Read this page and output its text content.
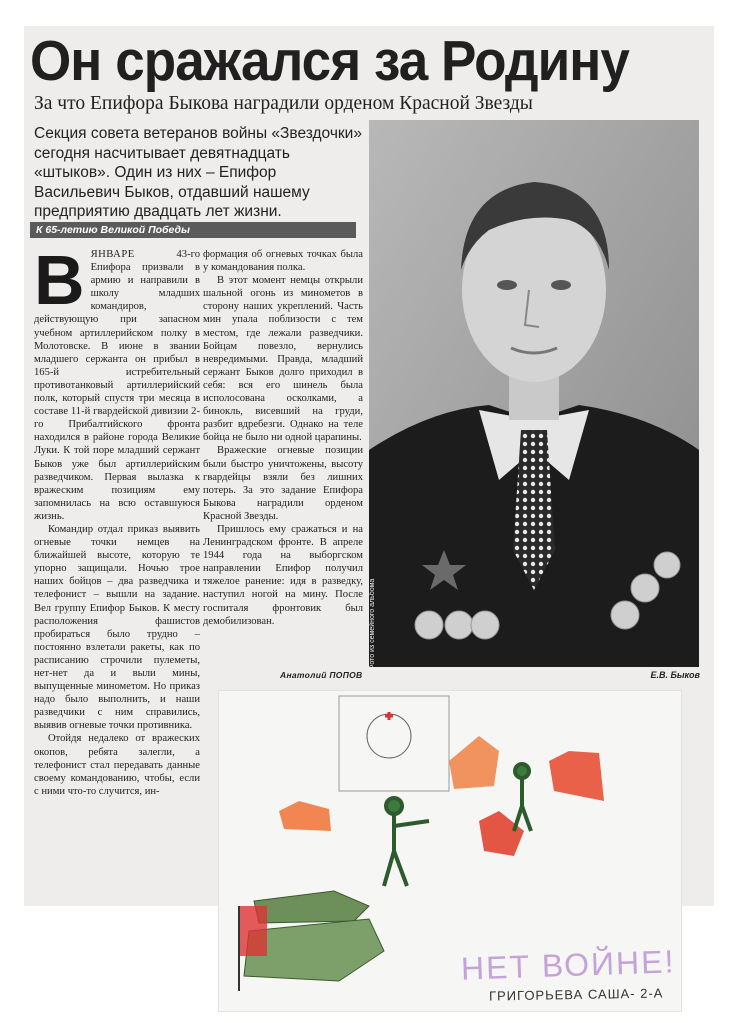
Он сражался за Родину
За что Епифора Быкова наградили орденом Красной Звезды

Секция совета ветеранов войны «Звездочки» сегодня насчитывает девятнадцать «штыков». Один из них – Епифор Васильевич Быков, отдавший нашему предприятию двадцать лет жизни.

К 65-летию Великой Победы
В ЯНВАРЕ	43-го Епифора призвали в армию и направили в школу младших командиров, действующую при запасном учебном артиллерийском полку в Молотовске. В июне в звании младшего сержанта он прибыл в 165-й истребительный противотанковый артиллерийский полк, который спустя три месяца в составе 11-й гвардейской дивизии 2-го Прибалтийского фронта находился в районе города Великие Луки. К той поре младший сержант Быков уже был артиллерийским разведчиком. Первая вылазка к вражеским позициям ему запомнилась на всю оставшуюся жизнь.

Командир отдал приказ выявить огневые точки немцев на ближайшей высоте, которую те упорно защищали. Ночью трое наших бойцов – два разведчика и телефонист – вышли на задание. Вел группу Епифор Быков. К месту расположения фашистов пробираться было трудно – постоянно взлетали ракеты, как по расписанию строчили пулеметы, нет-нет да и выли мины, выпущенные минометом. Но приказ надо было выполнить, и наши разведчики с ним справились, выявив огневые точки противника.

Отойдя недалеко от вражеских окопов, ребята залегли, а телефонист стал передавать данные своему командованию, чтобы, если с ними что-то случится, ин-

формация об огневых точках была у командования полка.

В этот момент немцы открыли шальной огонь из минометов в сторону наших укреплений. Часть мин упала поблизости с тем местом, где лежали разведчики. Бойцам повезло, вернулись невредимыми. Правда, младший сержант Быков долго приходил в себя: вся его шинель была исполосована осколками, а бинокль, висевший на груди, разбит вдребезги. Однако на теле бойца не было ни одной царапины.

Вражеские огневые позиции были быстро уничтожены, высоту гвардейцы взяли без лишних потерь. За это задание Епифора Быкова наградили орденом Красной Звезды.

Пришлось ему сражаться и на Ленинградском фронте. В апреле 1944 года на выборгском направлении Епифор получил тяжелое ранение: идя в разведку, наступил ногой на мину. После госпиталя фронтовик был демобилизован.	Фото из семейного альбома
Анатолий ПОПОВ	Е.В. Быков
НЕТ ВОЙНЕ!
ГРИГОРЬЕВА САША- 2-А
